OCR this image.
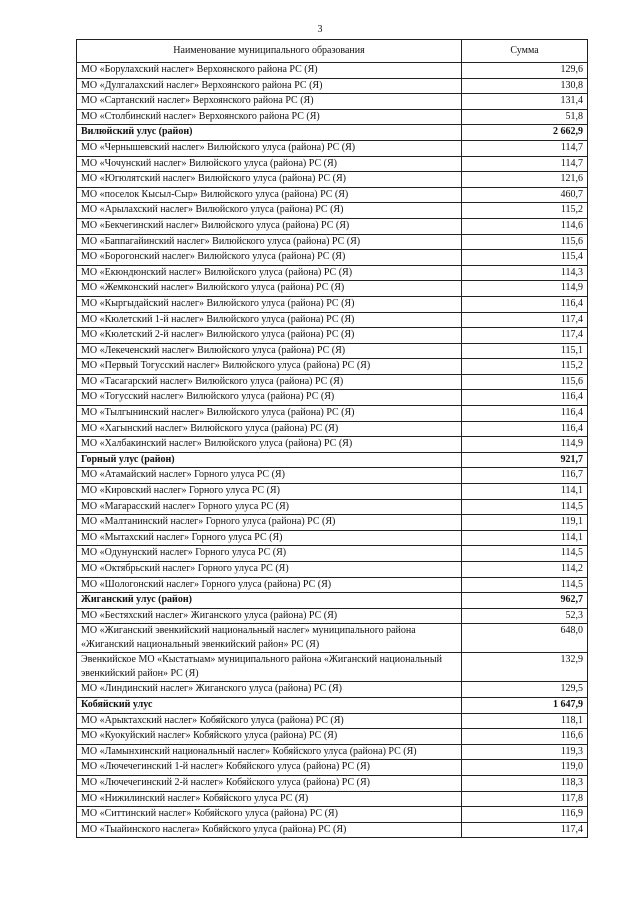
3
Наименование муниципального образования	Сумма
МО «Борулахский наслег» Верхоянского района РС (Я)	129,6
МО «Дулгалахский наслег» Верхоянского района РС (Я)	130,8
МО «Сартанский наслег» Верхоянского района РС (Я)	131,4
МО «Столбинский наслег» Верхоянского района РС (Я)	51,8
Вилюйский улус (район)	2 662,9
МО «Чернышевский наслег» Вилюйского улуса (района) РС (Я)	114,7
МО «Чочунский наслег» Вилюйского улуса (района) РС (Я)	114,7
МО «Югюлятский наслег» Вилюйского улуса (района) РС (Я)	121,6
МО «поселок Кысыл-Сыр» Вилюйского улуса (района) РС (Я)	460,7
МО «Арылахский наслег» Вилюйского улуса (района) РС (Я)	115,2
МО «Бекчегинский наслег» Вилюйского улуса (района) РС (Я)	114,6
МО «Баппагайинский наслег» Вилюйского улуса (района) РС (Я)	115,6
МО «Борогонский наслег» Вилюйского улуса (района) РС (Я)	115,4
МО «Екюндюнский наслег» Вилюйского улуса (района) РС (Я)	114,3
МО «Жемконский наслег» Вилюйского улуса (района) РС (Я)	114,9
МО «Кыргыдайский наслег» Вилюйского улуса (района) РС (Я)	116,4
МО «Кюлетский 1-й наслег» Вилюйского улуса (района) РС (Я)	117,4
МО «Кюлетский 2-й наслег» Вилюйского улуса (района) РС (Я)	117,4
МО «Лекеченский наслег» Вилюйского улуса (района) РС (Я)	115,1
МО «Первый Тогусский наслег» Вилюйского улуса (района) РС (Я)	115,2
МО «Тасагарский наслег» Вилюйского улуса (района) РС (Я)	115,6
МО «Тогусский наслег» Вилюйского улуса (района) РС (Я)	116,4
МО «Тылгынинский наслег» Вилюйского улуса (района) РС (Я)	116,4
МО «Хагынский наслег» Вилюйского улуса (района) РС (Я)	116,4
МО «Халбакинский наслег» Вилюйского улуса (района) РС (Я)	114,9
Горный улус (район)	921,7
МО «Атамайский наслег» Горного улуса РС (Я)	116,7
МО «Кировский наслег» Горного улуса РС (Я)	114,1
МО «Магарасский наслег» Горного улуса РС (Я)	114,5
МО «Малтанинский наслег» Горного улуса (района) РС (Я)	119,1
МО «Мытахский наслег» Горного улуса РС (Я)	114,1
МО «Одунунский наслег» Горного улуса РС (Я)	114,5
МО «Октябрьский наслег» Горного улуса РС (Я)	114,2
МО «Шологонский наслег» Горного улуса (района) РС (Я)	114,5
Жиганский улус (район)	962,7
МО «Бестяхский наслег» Жиганского улуса (района) РС (Я)	52,3
МО «Жиганский эвенкийский национальный наслег» муниципального района «Жиганский национальный эвенкийский район» РС (Я)	648,0
Эвенкийское МО «Кыстатыам» муниципального района «Жиганский национальный эвенкийский район» РС (Я)	132,9
МО «Линдинский наслег» Жиганского улуса (района) РС (Я)	129,5
Кобяйский улус	1 647,9
МО «Арыктахский наслег» Кобяйского улуса (района) РС (Я)	118,1
МО «Куокуйский наслег» Кобяйского улуса (района) РС (Я)	116,6
МО «Ламынхинский национальный наслег» Кобяйского улуса (района) РС (Я)	119,3
МО «Лючечегинский 1-й наслег» Кобяйского улуса (района) РС (Я)	119,0
МО «Лючечегинский 2-й наслег» Кобяйского улуса (района) РС (Я)	118,3
МО «Нижилинский наслег» Кобяйского улуса РС (Я)	117,8
МО «Ситтинский наслег» Кобяйского улуса (района) РС (Я)	116,9
МО «Тыайинского наслега» Кобяйского улуса (района) РС (Я)	117,4
